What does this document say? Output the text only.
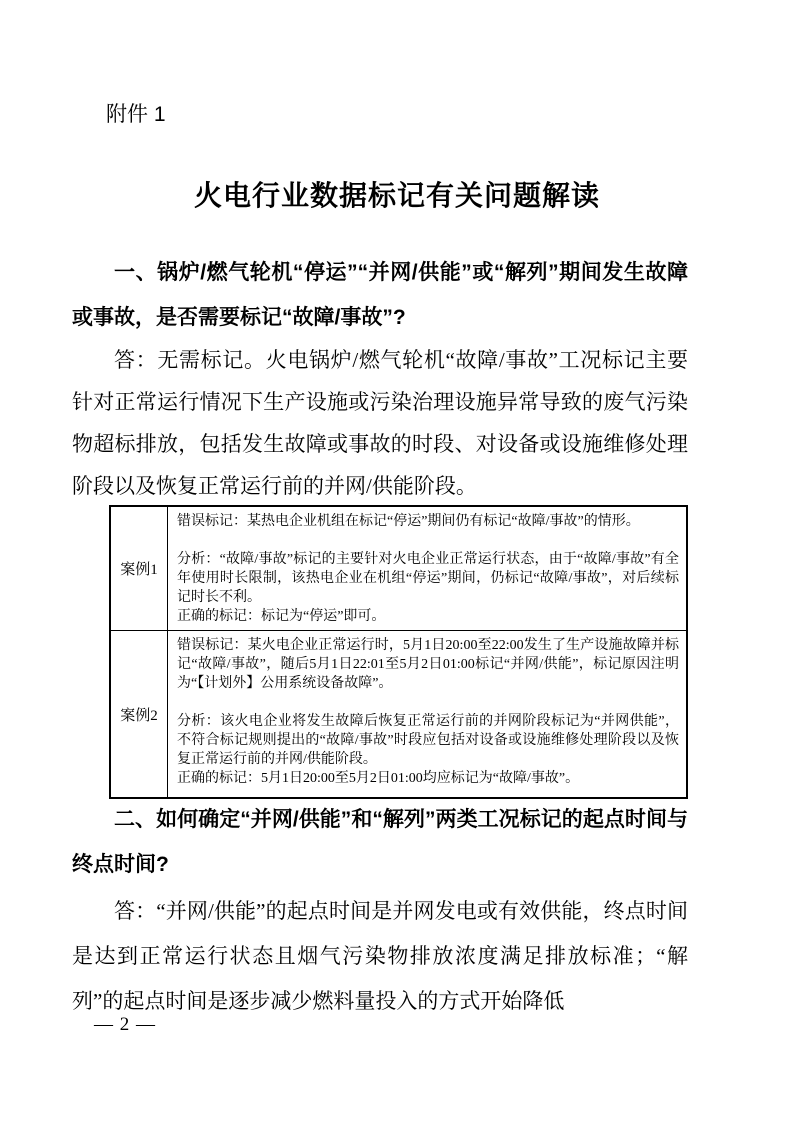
附件 1
火电行业数据标记有关问题解读

一、锅炉/燃气轮机“停运”“并网/供能”或“解列”期间发生故障或事故，是否需要标记“故障/事故”?

答：无需标记。火电锅炉/燃气轮机“故障/事故”工况标记主要针对正常运行情况下生产设施或污染治理设施异常导致的废气污染物超标排放，包括发生故障或事故的时段、对设备或设施维修处理阶段以及恢复正常运行前的并网/供能阶段。

案例1

错误标记：某热电企业机组在标记“停运”期间仍有标记“故障/事故”的情形。

分析：“故障/事故”标记的主要针对火电企业正常运行状态，由于“故障/事故”有全年使用时长限制，该热电企业在机组“停运”期间，仍标记“故障/事故”，对后续标记时长不利。

正确的标记：标记为“停运”即可。

案例2

错误标记：某火电企业正常运行时，5月1日20:00至22:00发生了生产设施故障并标记“故障/事故”，随后5月1日22:01至5月2日01:00标记“并网/供能”，标记原因注明为“【计划外】公用系统设备故障”。

分析：该火电企业将发生故障后恢复正常运行前的并网阶段标记为“并网供能”，不符合标记规则提出的“故障/事故”时段应包括对设备或设施维修处理阶段以及恢复正常运行前的并网/供能阶段。

正确的标记：5月1日20:00至5月2日01:00均应标记为“故障/事故”。

二、如何确定“并网/供能”和“解列”两类工况标记的起点时间与终点时间?

答：“并网/供能”的起点时间是并网发电或有效供能，终点时间是达到正常运行状态且烟气污染物排放浓度满足排放标准；“解列”的起点时间是逐步减少燃料量投入的方式开始降低

— 2 —
